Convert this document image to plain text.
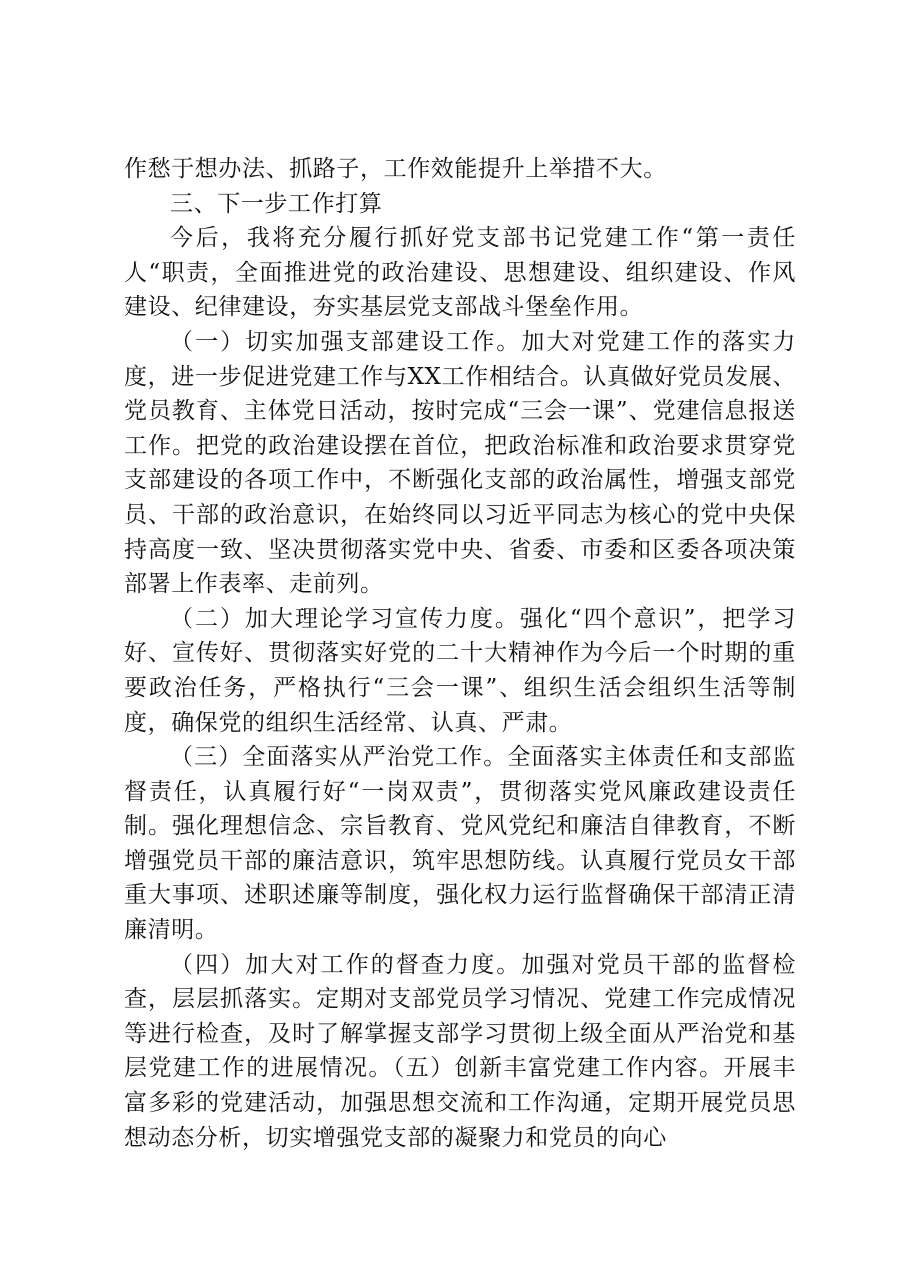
作愁于想办法、抓路子，工作效能提升上举措不大。

三、下一步工作打算

今后，我将充分履行抓好党支部书记党建工作“第一责任人“职责，全面推进党的政治建设、思想建设、组织建设、作风建设、纪律建设，夯实基层党支部战斗堡垒作用。

（一）切实加强支部建设工作。加大对党建工作的落实力度，进一步促进党建工作与XX工作相结合。认真做好党员发展、党员教育、主体党日活动，按时完成“三会一课”、党建信息报送工作。把党的政治建设摆在首位，把政治标准和政治要求贯穿党支部建设的各项工作中，不断强化支部的政治属性，增强支部党员、干部的政治意识，在始终同以习近平同志为核心的党中央保持高度一致、坚决贯彻落实党中央、省委、市委和区委各项决策部署上作表率、走前列。

（二）加大理论学习宣传力度。强化“四个意识”，把学习好、宣传好、贯彻落实好党的二十大精神作为今后一个时期的重要政治任务，严格执行“三会一课”、组织生活会组织生活等制度，确保党的组织生活经常、认真、严肃。

（三）全面落实从严治党工作。全面落实主体责任和支部监督责任，认真履行好“一岗双责”，贯彻落实党风廉政建设责任制。强化理想信念、宗旨教育、党风党纪和廉洁自律教育，不断增强党员干部的廉洁意识，筑牢思想防线。认真履行党员女干部重大事项、述职述廉等制度，强化权力运行监督确保干部清正清廉清明。

（四）加大对工作的督查力度。加强对党员干部的监督检查，层层抓落实。定期对支部党员学习情况、党建工作完成情况等进行检查，及时了解掌握支部学习贯彻上级全面从严治党和基层党建工作的进展情况。（五）创新丰富党建工作内容。开展丰富多彩的党建活动，加强思想交流和工作沟通，定期开展党员思想动态分析，切实增强党支部的凝聚力和党员的向心
